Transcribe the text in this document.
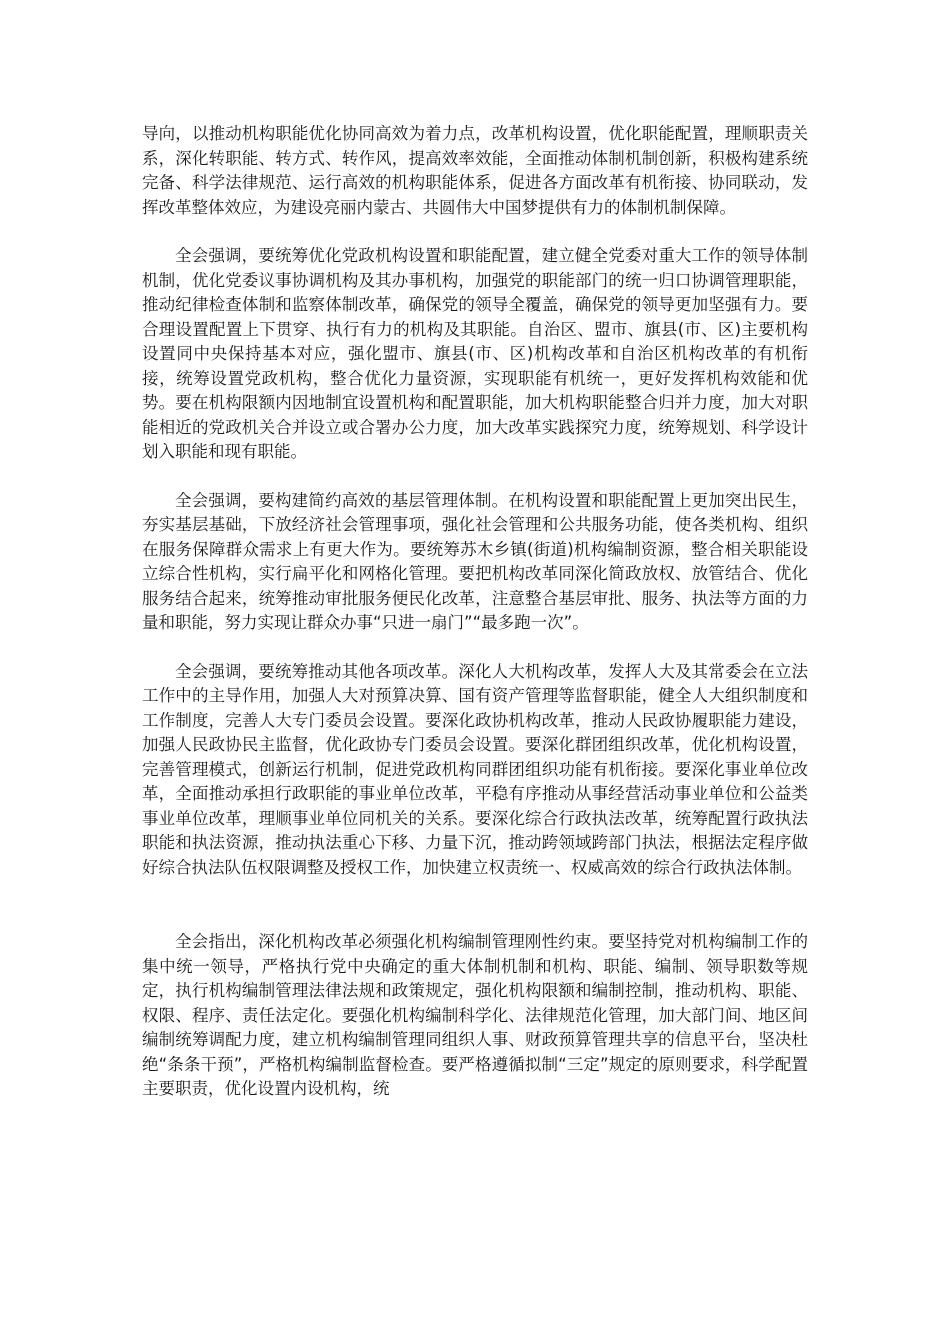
导向，以推动机构职能优化协同高效为着力点，改革机构设置，优化职能配置，理顺职责关系，深化转职能、转方式、转作风，提高效率效能，全面推动体制机制创新，积极构建系统完备、科学法律规范、运行高效的机构职能体系，促进各方面改革有机衔接、协同联动，发挥改革整体效应，为建设亮丽内蒙古、共圆伟大中国梦提供有力的体制机制保障。

全会强调，要统筹优化党政机构设置和职能配置，建立健全党委对重大工作的领导体制机制，优化党委议事协调机构及其办事机构，加强党的职能部门的统一归口协调管理职能，推动纪律检查体制和监察体制改革，确保党的领导全覆盖，确保党的领导更加坚强有力。要合理设置配置上下贯穿、执行有力的机构及其职能。自治区、盟市、旗县(市、区)主要机构设置同中央保持基本对应，强化盟市、旗县(市、区)机构改革和自治区机构改革的有机衔接，统筹设置党政机构，整合优化力量资源，实现职能有机统一，更好发挥机构效能和优势。要在机构限额内因地制宜设置机构和配置职能，加大机构职能整合归并力度，加大对职能相近的党政机关合并设立或合署办公力度，加大改革实践探究力度，统筹规划、科学设计划入职能和现有职能。

全会强调，要构建简约高效的基层管理体制。在机构设置和职能配置上更加突出民生，夯实基层基础，下放经济社会管理事项，强化社会管理和公共服务功能，使各类机构、组织在服务保障群众需求上有更大作为。要统筹苏木乡镇(街道)机构编制资源，整合相关职能设立综合性机构，实行扁平化和网格化管理。要把机构改革同深化简政放权、放管结合、优化服务结合起来，统筹推动审批服务便民化改革，注意整合基层审批、服务、执法等方面的力量和职能，努力实现让群众办事“只进一扇门”“最多跑一次”。

全会强调，要统筹推动其他各项改革。深化人大机构改革，发挥人大及其常委会在立法工作中的主导作用，加强人大对预算决算、国有资产管理等监督职能，健全人大组织制度和工作制度，完善人大专门委员会设置。要深化政协机构改革，推动人民政协履职能力建设，加强人民政协民主监督，优化政协专门委员会设置。要深化群团组织改革，优化机构设置，完善管理模式，创新运行机制，促进党政机构同群团组织功能有机衔接。要深化事业单位改革，全面推动承担行政职能的事业单位改革，平稳有序推动从事经营活动事业单位和公益类事业单位改革，理顺事业单位同机关的关系。要深化综合行政执法改革，统筹配置行政执法职能和执法资源，推动执法重心下移、力量下沉，推动跨领域跨部门执法，根据法定程序做好综合执法队伍权限调整及授权工作，加快建立权责统一、权威高效的综合行政执法体制。

全会指出，深化机构改革必须强化机构编制管理刚性约束。要坚持党对机构编制工作的集中统一领导，严格执行党中央确定的重大体制机制和机构、职能、编制、领导职数等规定，执行机构编制管理法律法规和政策规定，强化机构限额和编制控制，推动机构、职能、权限、程序、责任法定化。要强化机构编制科学化、法律规范化管理，加大部门间、地区间编制统筹调配力度，建立机构编制管理同组织人事、财政预算管理共享的信息平台，坚决杜绝“条条干预”，严格机构编制监督检查。要严格遵循拟制“三定”规定的原则要求，科学配置主要职责，优化设置内设机构，统
